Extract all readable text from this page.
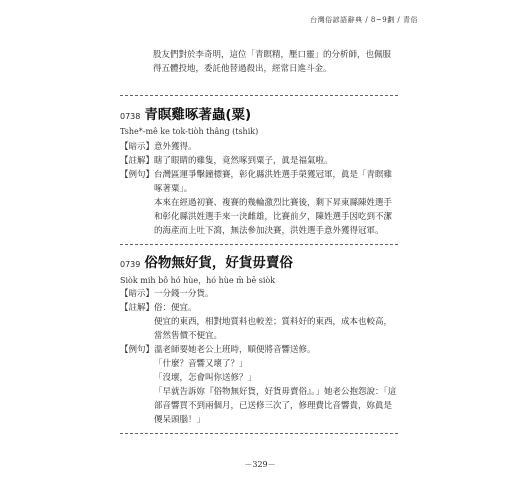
台灣俗諺語辭典 / 8~9劃 / 青俗
股友們對於李奇明，這位「青瞑精，壓口靈」的分析師，也佩服得五體投地，委託他替過殺出，經常日進斗金。
0738 青瞑雞啄著蟲(粟)
Tshe*-mê ke tok-tiòh thâng (tshik)
【暗示】 意外獲得。
【註解】 瞎了眼睛的雞隻，竟然啄到粟子，眞是福氣啦。
【例句】 台灣區運爭擊鐘標賽，彰化縣洪姓選手榮獲冠軍，眞是「青瞑雞
啄著粟」。
本來在經過初賽、複賽的幾輪激烈比賽後，剩下昇東縣陳姓選手
和彰化縣洪姓選手來一決雌雄，比賽前夕，陳姓選手因吃到不潔
的海產而上吐下瀉，無法參加決賽，洪姓選手意外獲得冠軍。
0739 俗物無好貨，好貨毋賣俗
Siòk mih bô hó hùe，hó hùe m̄ bē siòk
【暗示】 一分錢一分貨。
【註解】 俗：便宜。
便宜的東西，相對地質料也較差；質料好的東西，成本也較高，
當然售價不便宜。
【例句】 溫老師要她老公上班時，順便將音響送修。
「什麼？音響又壞了？」
「沒壞，怎會叫你送修？」
「早就告訴妳『俗物無好貨，好貨毋賣俗』。」她老公抱怨說：「這
部音響買不到兩個月，已送修三次了，修理費比音響貴，妳眞是
儍呆頭腦！」
－329－
